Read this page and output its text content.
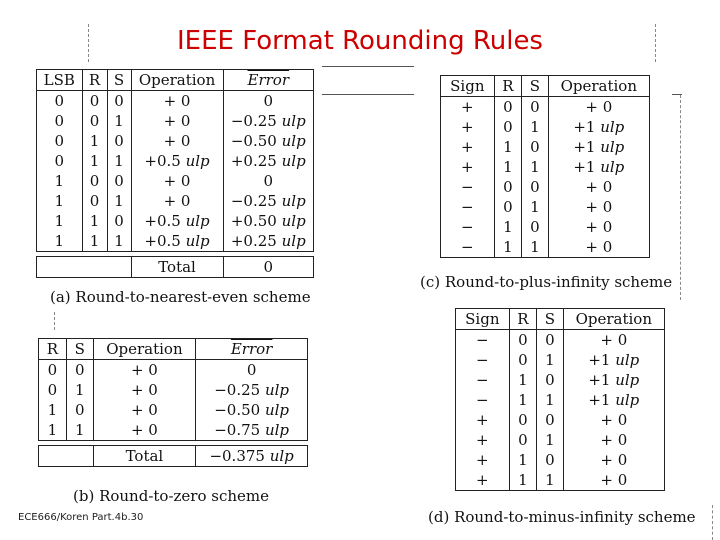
IEEE Format Rounding Rules
LSB	R	S	Operation	Error
0	0	0	+ 0	0
0	0	1	+ 0	−0.25 ulp
0	1	0	+ 0	−0.50 ulp
0	1	1	+0.5 ulp	+0.25 ulp
1	0	0	+ 0	0
1	0	1	+ 0	−0.25 ulp
1	1	0	+0.5 ulp	+0.50 ulp
1	1	1	+0.5 ulp	+0.25 ulp

			Total	0
(a) Round-to-nearest-even scheme
R	S	Operation	Error
0	0	+ 0	0
0	1	+ 0	−0.25 ulp
1	0	+ 0	−0.50 ulp
1	1	+ 0	−0.75 ulp

		Total	−0.375 ulp
(b) Round-to-zero scheme
Sign	R	S	Operation
+	0	0	+ 0
+	0	1	+1 ulp
+	1	0	+1 ulp
+	1	1	+1 ulp
−	0	0	+ 0
−	0	1	+ 0
−	1	0	+ 0
−	1	1	+ 0
(c) Round-to-plus-infinity scheme
Sign	R	S	Operation
−	0	0	+ 0
−	0	1	+1 ulp
−	1	0	+1 ulp
−	1	1	+1 ulp
+	0	0	+ 0
+	0	1	+ 0
+	1	0	+ 0
+	1	1	+ 0
(d) Round-to-minus-infinity scheme
ECE666/Koren Part.4b.30
